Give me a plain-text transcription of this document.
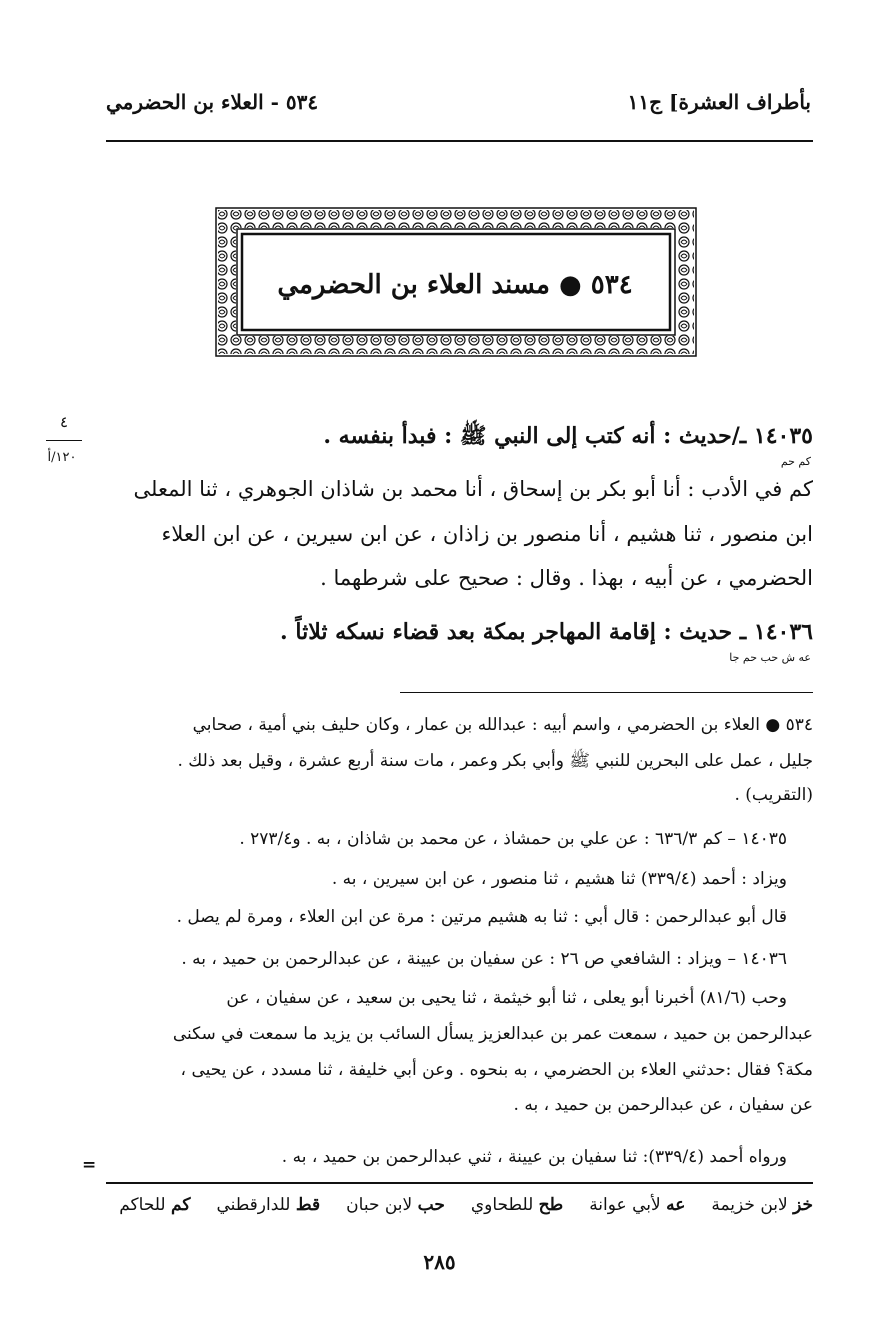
بأطراف العشرة] ج١١
٥٣٤ - العلاء بن الحضرمي
٥٣٤ ● مسند العلاء بن الحضرمي
٤
١٢٠/أ
١٤٠٣٥ ـ/حديث : أنه كتب إلى النبي ﷺ : فبدأ بنفسه .
كم حم
كم في الأدب : أنا أبو بكر بن إسحاق ، أنا محمد بن شاذان الجوهري ، ثنا المعلى
ابن منصور ، ثنا هشيم ، أنا منصور بن زاذان ، عن ابن سيرين ، عن ابن العلاء
الحضرمي ، عن أبيه ، بهذا . وقال : صحيح على شرطهما .
١٤٠٣٦ ـ حديث : إقامة المهاجر بمكة بعد قضاء نسكه ثلاثاً .
عه ش حب حم جا
٥٣٤ ● العلاء بن الحضرمي ، واسم أبيه : عبدالله بن عمار ، وكان حليف بني أمية ، صحابي
جليل ، عمل على البحرين للنبي ﷺ وأبي بكر وعمر ، مات سنة أربع عشرة ، وقيل بعد ذلك .
(التقريب) .
١٤٠٣٥ – كم ٦٣٦/٣ : عن علي بن حمشاذ ، عن محمد بن شاذان ، به . و٢٧٣/٤ .
ويزاد : أحمد (٣٣٩/٤) ثنا هشيم ، ثنا منصور ، عن ابن سيرين ، به .
قال أبو عبدالرحمن : قال أبي : ثنا به هشيم مرتين : مرة عن ابن العلاء ، ومرة لم يصل .
١٤٠٣٦ – ويزاد : الشافعي ص ٢٦ : عن سفيان بن عيينة ، عن عبدالرحمن بن حميد ، به .
وحب (٨١/٦) أخبرنا أبو يعلى ، ثنا أبو خيثمة ، ثنا يحيى بن سعيد ، عن سفيان ، عن
عبدالرحمن بن حميد ، سمعت عمر بن عبدالعزيز يسأل السائب بن يزيد ما سمعت في سكنى
مكة؟ فقال :حدثني العلاء بن الحضرمي ، به بنحوه . وعن أبي خليفة ، ثنا مسدد ، عن يحيى ،
عن سفيان ، عن عبدالرحمن بن حميد ، به .
ورواه أحمد (٣٣٩/٤): ثنا سفيان بن عيينة ، ثني عبدالرحمن بن حميد ، به .
=
خز لابن خزيمة
عه لأبي عوانة
طح للطحاوي
حب لابن حبان
قط للدارقطني
كم للحاكم
٢٨٥
